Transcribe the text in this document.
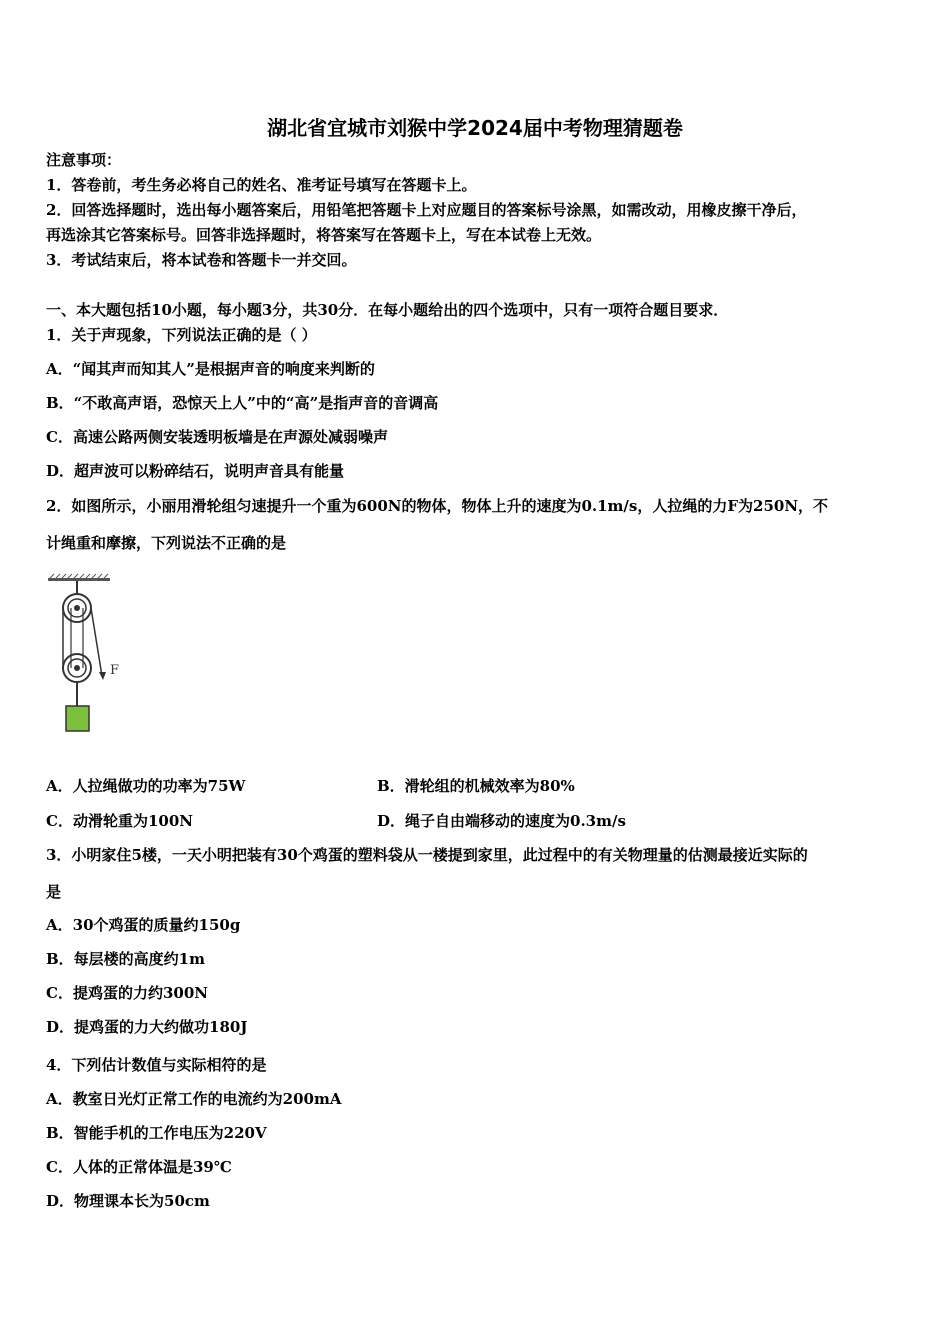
湖北省宜城市刘猴中学2024届中考物理猜题卷
注意事项：
1．答卷前，考生务必将自己的姓名、准考证号填写在答题卡上。
2．回答选择题时，选出每小题答案后，用铅笔把答题卡上对应题目的答案标号涂黑，如需改动，用橡皮擦干净后，
再选涂其它答案标号。回答非选择题时，将答案写在答题卡上，写在本试卷上无效。
3．考试结束后，将本试卷和答题卡一并交回。
一、本大题包括10小题，每小题3分，共30分．在每小题给出的四个选项中，只有一项符合题目要求．
1．关于声现象，下列说法正确的是（ ）
A．“闻其声而知其人”是根据声音的响度来判断的
B．“不敢高声语，恐惊天上人”中的“高”是指声音的音调高
C．高速公路两侧安装透明板墙是在声源处减弱噪声
D．超声波可以粉碎结石，说明声音具有能量
2．如图所示，小丽用滑轮组匀速提升一个重为600N的物体，物体上升的速度为0.1m/s，人拉绳的力F为250N，不
计绳重和摩擦，下列说法不正确的是
F
A．人拉绳做功的功率为75W	B．滑轮组的机械效率为80%
C．动滑轮重为100N	D．绳子自由端移动的速度为0.3m/s
3．小明家住5楼，一天小明把装有30个鸡蛋的塑料袋从一楼提到家里，此过程中的有关物理量的估测最接近实际的
是
A．30个鸡蛋的质量约150g
B．每层楼的高度约1m
C．提鸡蛋的力约300N
D．提鸡蛋的力大约做功180J
4．下列估计数值与实际相符的是
A．教室日光灯正常工作的电流约为200mA
B．智能手机的工作电压为220V
C．人体的正常体温是39℃
D．物理课本长为50cm
